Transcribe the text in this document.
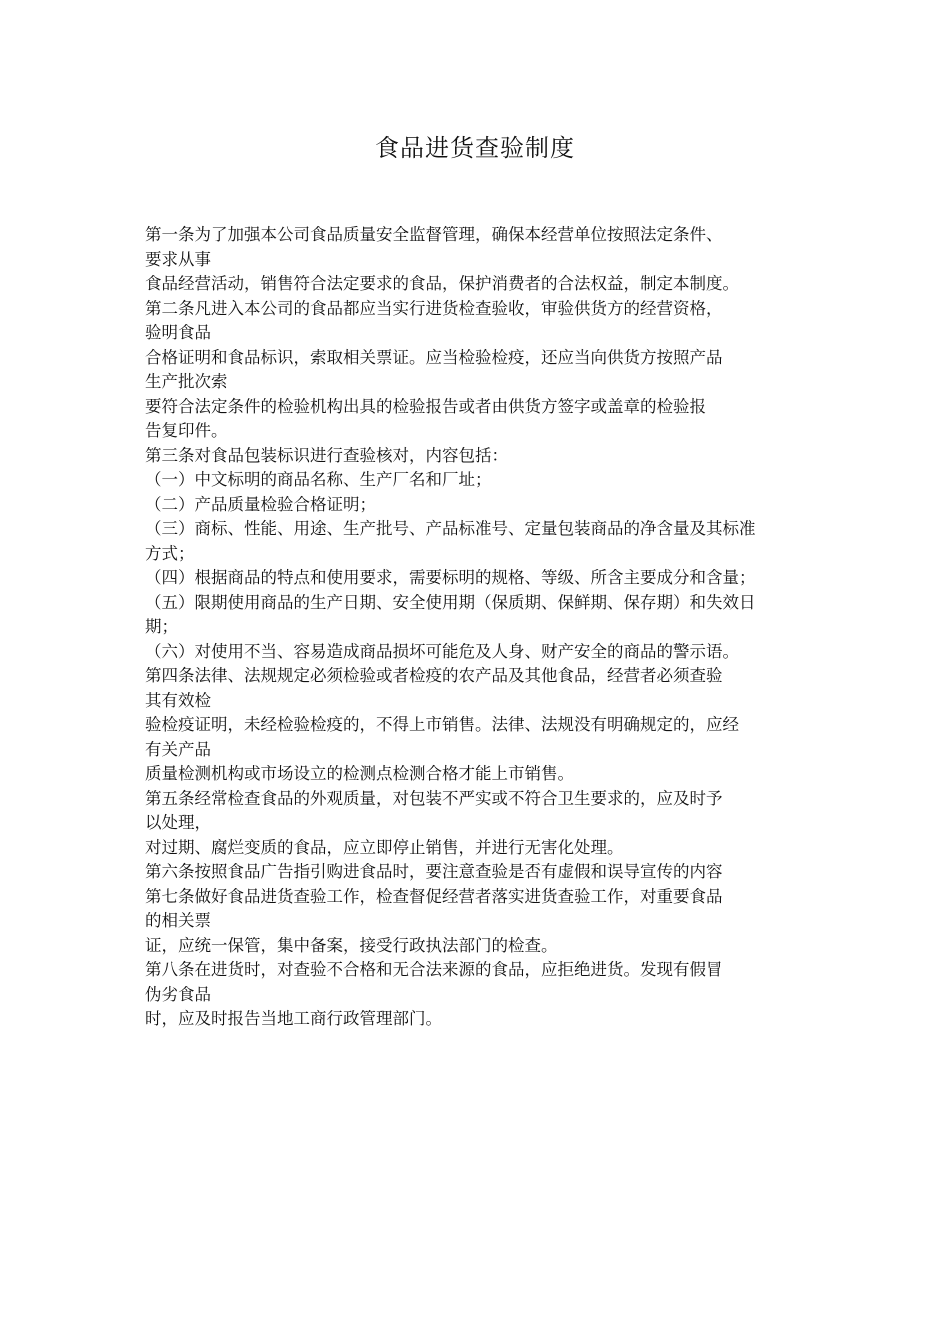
食品进货查验制度
第一条为了加强本公司食品质量安全监督管理，确保本经营单位按照法定条件、
要求从事
食品经营活动，销售符合法定要求的食品，保护消费者的合法权益，制定本制度。
第二条凡进入本公司的食品都应当实行进货检查验收，审验供货方的经营资格，
验明食品
合格证明和食品标识，索取相关票证。应当检验检疫，还应当向供货方按照产品
生产批次索
要符合法定条件的检验机构出具的检验报告或者由供货方签字或盖章的检验报
告复印件。
第三条对食品包装标识进行查验核对，内容包括：
（一）中文标明的商品名称、生产厂名和厂址；
（二）产品质量检验合格证明；
（三）商标、性能、用途、生产批号、产品标准号、定量包装商品的净含量及其标准
方式；
（四）根据商品的特点和使用要求，需要标明的规格、等级、所含主要成分和含量；
（五）限期使用商品的生产日期、安全使用期（保质期、保鲜期、保存期）和失效日
期；
（六）对使用不当、容易造成商品损坏可能危及人身、财产安全的商品的警示语。
第四条法律、法规规定必须检验或者检疫的农产品及其他食品，经营者必须查验
其有效检
验检疫证明，未经检验检疫的，不得上市销售。法律、法规没有明确规定的，应经
有关产品
质量检测机构或市场设立的检测点检测合格才能上市销售。
第五条经常检查食品的外观质量，对包装不严实或不符合卫生要求的，应及时予
以处理，
对过期、腐烂变质的食品，应立即停止销售，并进行无害化处理。
第六条按照食品广告指引购进食品时，要注意查验是否有虚假和误导宣传的内容
第七条做好食品进货查验工作，检查督促经营者落实进货查验工作，对重要食品
的相关票
证，应统一保管，集中备案，接受行政执法部门的检查。
第八条在进货时，对查验不合格和无合法来源的食品，应拒绝进货。发现有假冒
伪劣食品
时，应及时报告当地工商行政管理部门。
